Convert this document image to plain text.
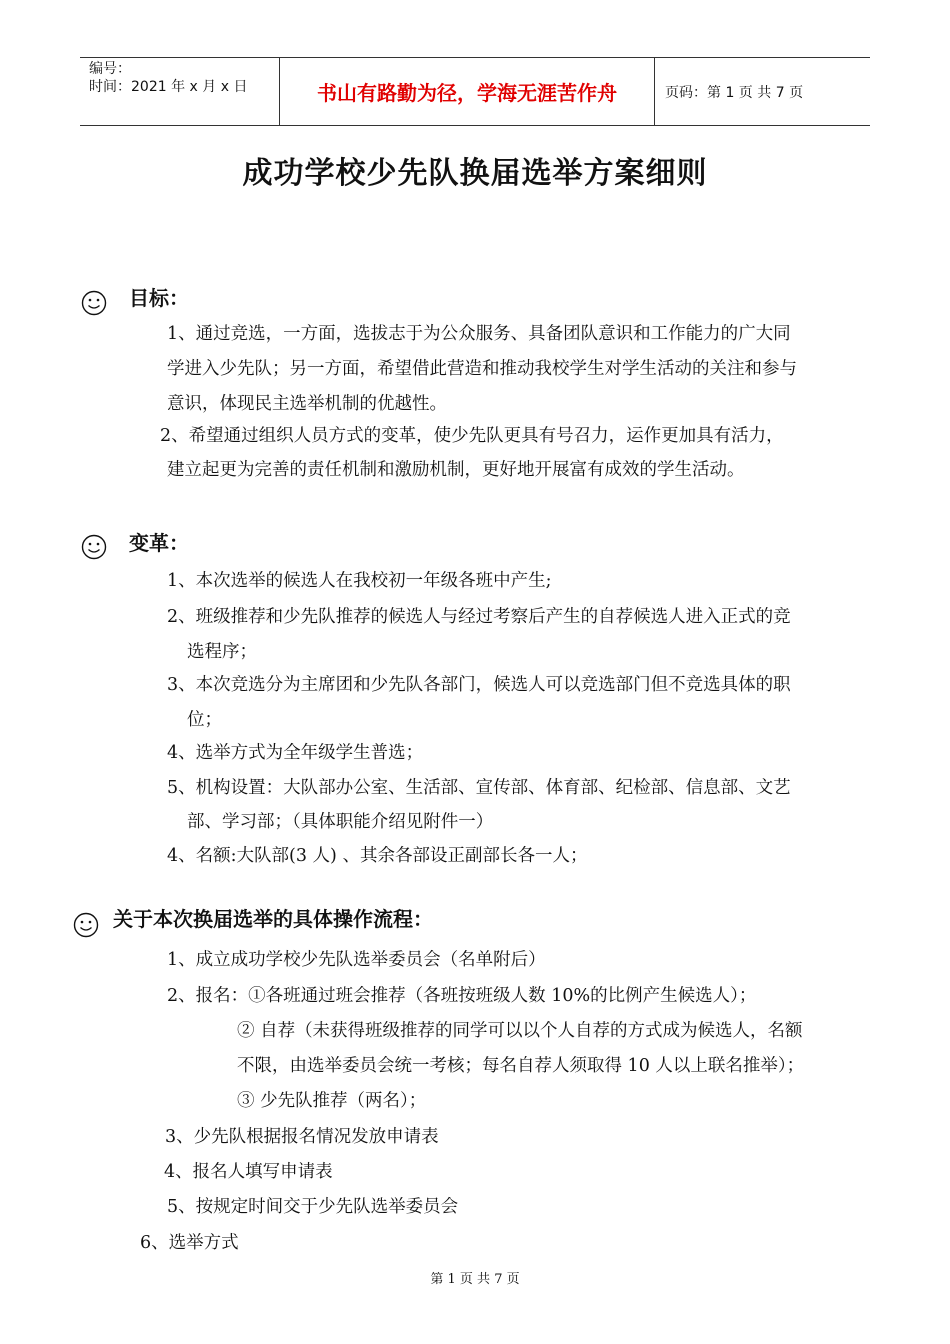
编号：
时间：2021 年 x 月 x 日	书山有路勤为径，学海无涯苦作舟	页码：第 1 页 共 7 页
成功学校少先队换届选举方案细则
目标：
1、通过竞选，一方面，选拔志于为公众服务、具备团队意识和工作能力的广大同
学进入少先队；另一方面，希望借此营造和推动我校学生对学生活动的关注和参与
意识，体现民主选举机制的优越性。
2、希望通过组织人员方式的变革，使少先队更具有号召力，运作更加具有活力，
建立起更为完善的责任机制和激励机制，更好地开展富有成效的学生活动。
变革：
1、本次选举的候选人在我校初一年级各班中产生;
2、班级推荐和少先队推荐的候选人与经过考察后产生的自荐候选人进入正式的竞
选程序；
3、本次竞选分为主席团和少先队各部门，候选人可以竞选部门但不竞选具体的职
位；
4、选举方式为全年级学生普选；
5、机构设置：大队部办公室、生活部、宣传部、体育部、纪检部、信息部、文艺
部、学习部；（具体职能介绍见附件一）
4、名额:大队部(3 人) 、其余各部设正副部长各一人；
关于本次换届选举的具体操作流程：
1、成立成功学校少先队选举委员会（名单附后）
2、报名：①各班通过班会推荐（各班按班级人数 10%的比例产生候选人）；
② 自荐（未获得班级推荐的同学可以以个人自荐的方式成为候选人，名额
不限，由选举委员会统一考核；每名自荐人须取得 10 人以上联名推举）；
③ 少先队推荐（两名）；
3、少先队根据报名情况发放申请表
4、报名人填写申请表
5、按规定时间交于少先队选举委员会
6、选举方式
第 1 页 共 7 页
